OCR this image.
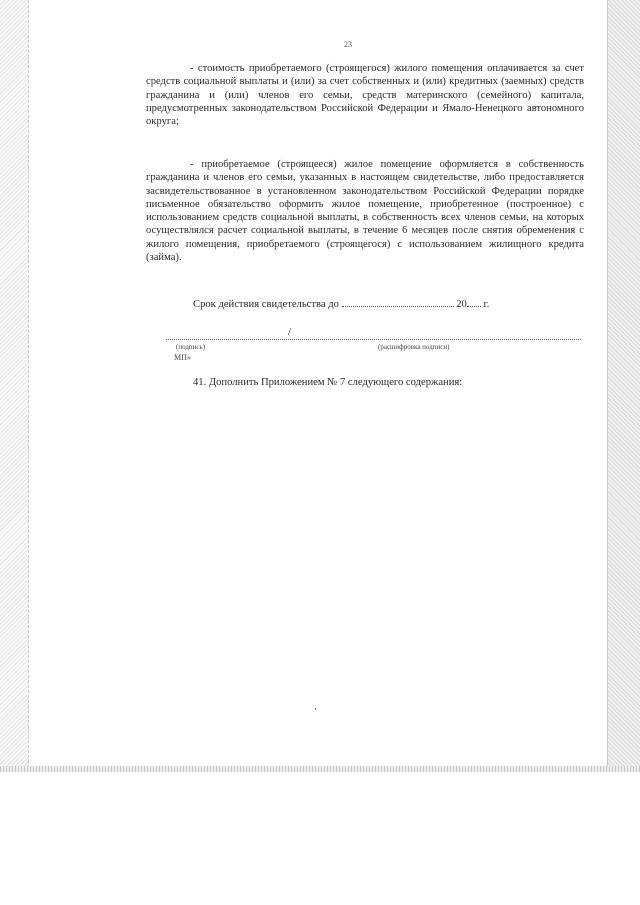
23

- стоимость приобретаемого (строящегося) жилого помещения оплачивается за счет средств социальной выплаты и (или) за счет собственных и (или) кредитных (заемных) средств гражданина и (или) членов его семьи, средств материнского (семейного) капитала, предусмотренных законодательством Российской Федерации и Ямало-Ненецкого автономного округа;

- приобретаемое (строящееся) жилое помещение оформляется в собственность гражданина и членов его семьи, указанных в настоящем свидетельстве, либо предоставляется засвидетельствованное в установленном законодательством Российской Федерации порядке письменное обязательство оформить жилое помещение, приобретенное (построенное) с использованием средств социальной выплаты, в собственность всех членов семьи, на которых осуществлялся расчет социальной выплаты, в течение 6 месяцев после снятия обременения с жилого помещения, приобретаемого (строящегося) с использованием жилищного кредита (займа).

Срок действия свидетельства до	20 г.
/
(подпись)	(расшифровка подписи)
МП»
41. Дополнить Приложением № 7 следующего содержания:
